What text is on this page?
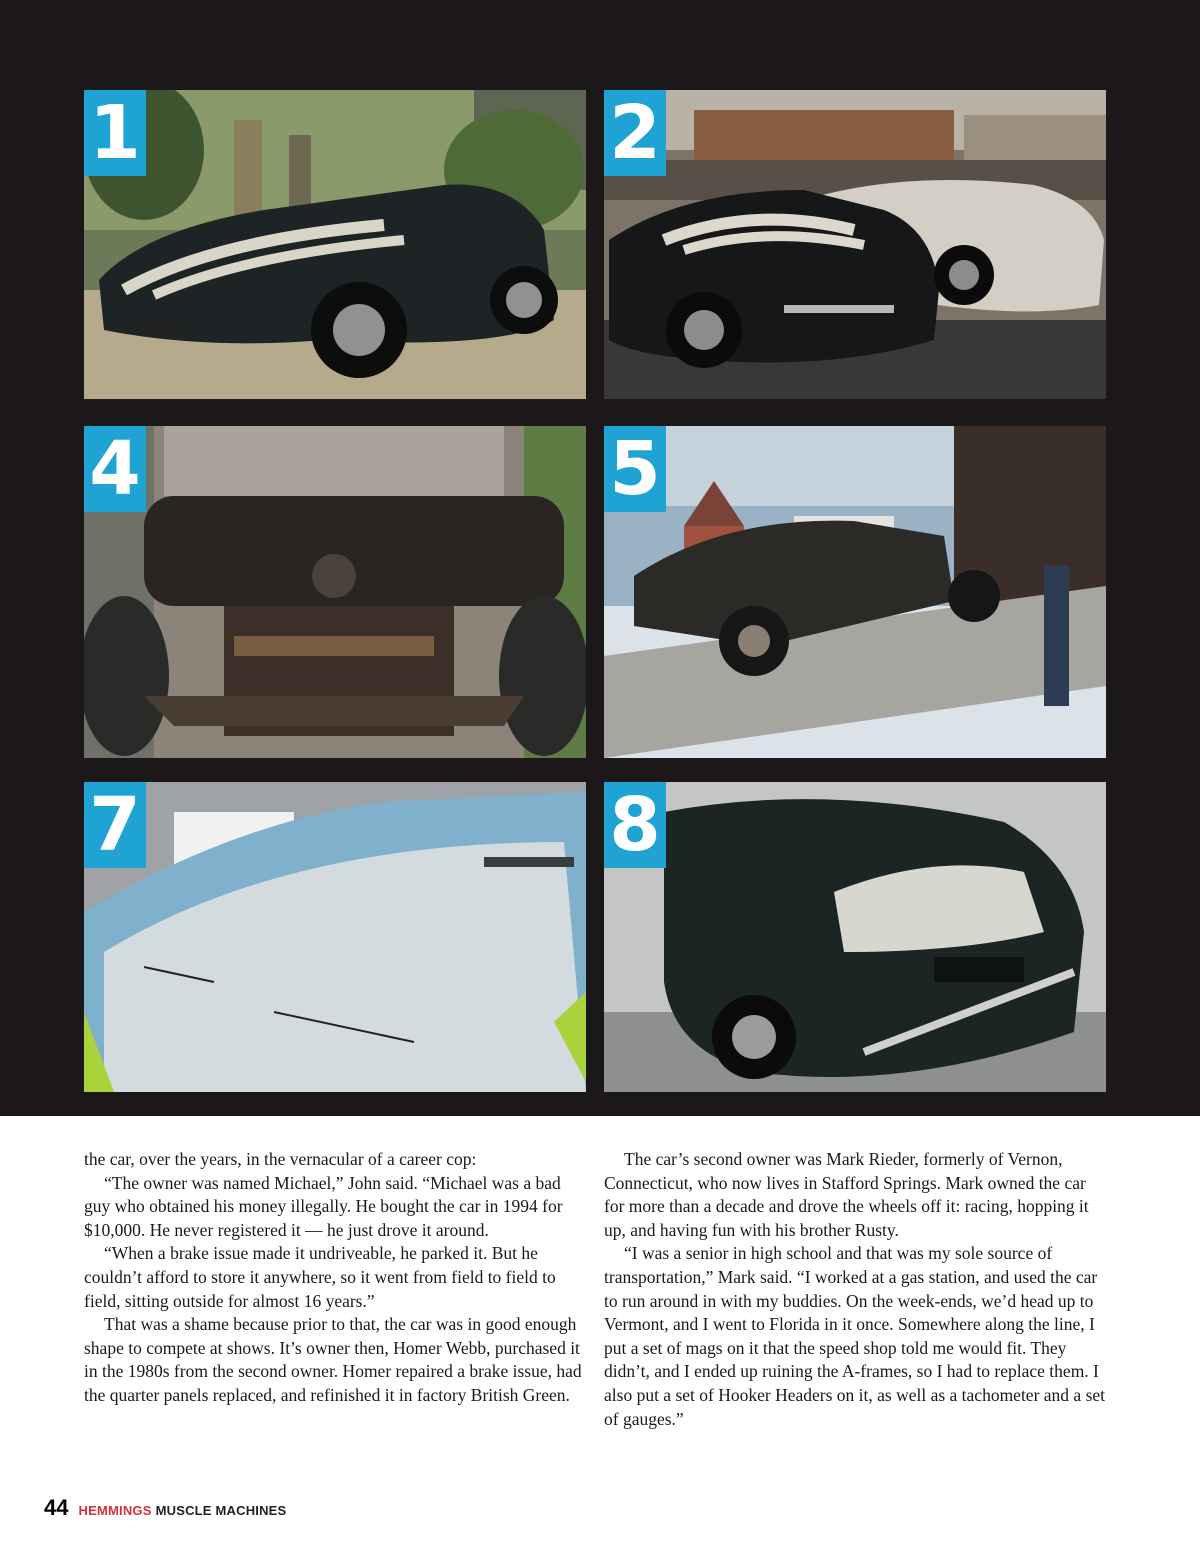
1	2
4	5
7	8

the car, over the years, in the vernacular of a career cop:

“The owner was named Michael,” John said. “Michael was a bad guy who obtained his money illegally. He bought the car in 1994 for $10,000. He never registered it — he just drove it around.

“When a brake issue made it undriveable, he parked it. But he couldn’t afford to store it anywhere, so it went from field to field to field, sitting outside for almost 16 years.”

That was a shame because prior to that, the car was in good enough shape to compete at shows. It’s owner then, Homer Webb, purchased it in the 1980s from the second owner. Homer repaired a brake issue, had the quarter panels replaced, and refinished it in factory British Green.

The car’s second owner was Mark Rieder, formerly of Vernon, Connecticut, who now lives in Stafford Springs. Mark owned the car for more than a decade and drove the wheels off it: racing, hopping it up, and having fun with his brother Rusty.

“I was a senior in high school and that was my sole source of transportation,” Mark said. “I worked at a gas station, and used the car to run around in with my buddies. On the week-ends, we’d head up to Vermont, and I went to Florida in it once. Somewhere along the line, I put a set of mags on it that the speed shop told me would fit. They didn’t, and I ended up ruining the A-frames, so I had to replace them. I also put a set of Hooker Headers on it, as well as a tachometer and a set of gauges.”

44 HEMMINGS MUSCLE MACHINES
